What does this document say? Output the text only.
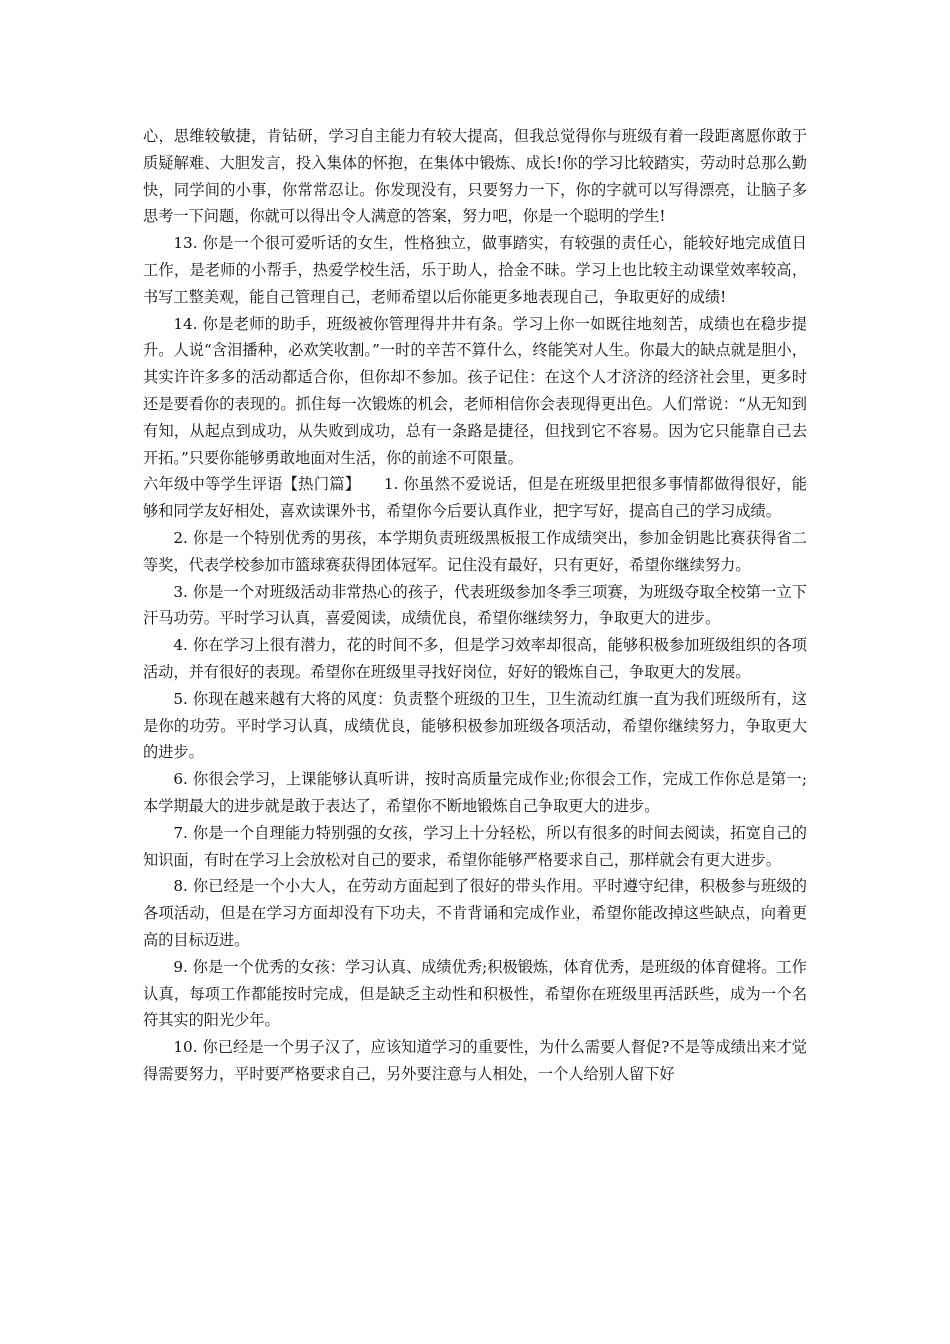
心，思维较敏捷，肯钻研，学习自主能力有较大提高，但我总觉得你与班级有着一段距离愿你敢于质疑解难、大胆发言，投入集体的怀抱，在集体中锻炼、成长!你的学习比较踏实，劳动时总那么勤快，同学间的小事，你常常忍让。你发现没有，只要努力一下，你的字就可以写得漂亮，让脑子多思考一下问题，你就可以得出令人满意的答案，努力吧，你是一个聪明的学生!

13. 你是一个很可爱听话的女生，性格独立，做事踏实，有较强的责任心，能较好地完成值日工作，是老师的小帮手，热爱学校生活，乐于助人，拾金不昧。学习上也比较主动课堂效率较高，书写工整美观，能自己管理自己，老师希望以后你能更多地表现自己，争取更好的成绩!

14. 你是老师的助手，班级被你管理得井井有条。学习上你一如既往地刻苦，成绩也在稳步提升。人说“含泪播种，必欢笑收割。”一时的辛苦不算什么，终能笑对人生。你最大的缺点就是胆小，其实许许多多的活动都适合你，但你却不参加。孩子记住：在这个人才济济的经济社会里，更多时还是要看你的表现的。抓住每一次锻炼的机会，老师相信你会表现得更出色。人们常说：“从无知到有知，从起点到成功，从失败到成功，总有一条路是捷径，但找到它不容易。因为它只能靠自己去开拓。”只要你能够勇敢地面对生活，你的前途不可限量。

六年级中等学生评语【热门篇】　　1. 你虽然不爱说话，但是在班级里把很多事情都做得很好，能够和同学友好相处，喜欢读课外书，希望你今后要认真作业，把字写好，提高自己的学习成绩。

2. 你是一个特别优秀的男孩，本学期负责班级黑板报工作成绩突出，参加金钥匙比赛获得省二等奖，代表学校参加市篮球赛获得团体冠军。记住没有最好，只有更好，希望你继续努力。

3. 你是一个对班级活动非常热心的孩子，代表班级参加冬季三项赛，为班级夺取全校第一立下汗马功劳。平时学习认真，喜爱阅读，成绩优良，希望你继续努力，争取更大的进步。

4. 你在学习上很有潜力，花的时间不多，但是学习效率却很高，能够积极参加班级组织的各项活动，并有很好的表现。希望你在班级里寻找好岗位，好好的锻炼自己，争取更大的发展。

5. 你现在越来越有大将的风度：负责整个班级的卫生，卫生流动红旗一直为我们班级所有，这是你的功劳。平时学习认真，成绩优良，能够积极参加班级各项活动，希望你继续努力，争取更大的进步。

6. 你很会学习，上课能够认真听讲，按时高质量完成作业;你很会工作，完成工作你总是第一;本学期最大的进步就是敢于表达了，希望你不断地锻炼自己争取更大的进步。

7. 你是一个自理能力特别强的女孩，学习上十分轻松，所以有很多的时间去阅读，拓宽自己的知识面，有时在学习上会放松对自己的要求，希望你能够严格要求自己，那样就会有更大进步。

8. 你已经是一个小大人，在劳动方面起到了很好的带头作用。平时遵守纪律，积极参与班级的各项活动，但是在学习方面却没有下功夫，不肯背诵和完成作业，希望你能改掉这些缺点，向着更高的目标迈进。

9. 你是一个优秀的女孩：学习认真、成绩优秀;积极锻炼，体育优秀，是班级的体育健将。工作认真，每项工作都能按时完成，但是缺乏主动性和积极性，希望你在班级里再活跃些，成为一个名符其实的阳光少年。

10. 你已经是一个男子汉了，应该知道学习的重要性，为什么需要人督促?不是等成绩出来才觉得需要努力，平时要严格要求自己，另外要注意与人相处，一个人给别人留下好
